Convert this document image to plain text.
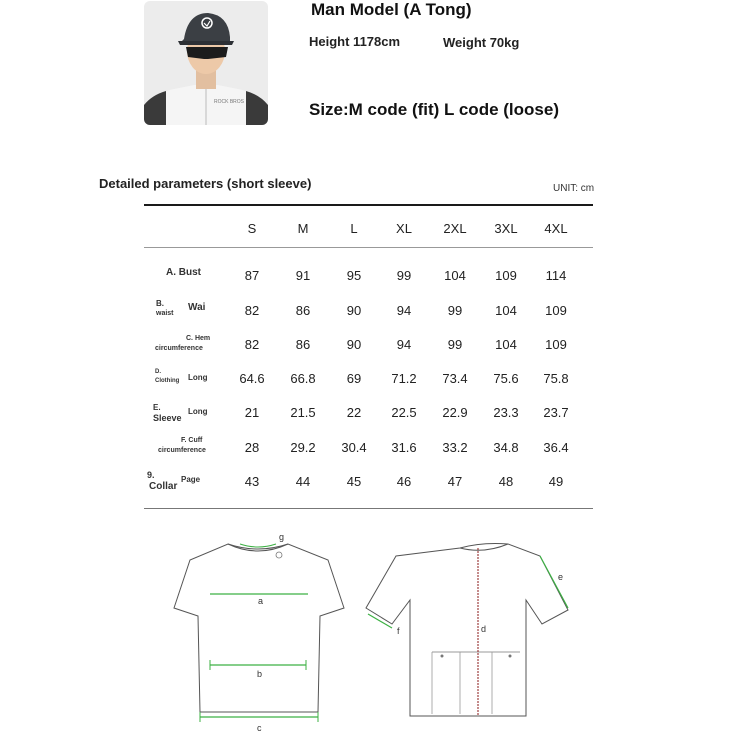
ROCK BROS
Man Model (A Tong)
Height 1178cm	Weight 70kg
Size:M code (fit) L code (loose)
Detailed parameters (short sleeve)	UNIT: cm
S	M	L	XL	2XL	3XL	4XL
A. Bust	87	91	95	99	104	109	114
B. Wai
waist	82	86	90	94	99	104	109
C. Hem
circumference	82	86	90	94	99	104	109
D.
Long
Clothing	64.6	66.8	69	71.2	73.4	75.6	75.8
E.	Long
Sleeve	21	21.5	22	22.5	22.9	23.3	23.7
F. Cuff
circumference	28	29.2	30.4	31.6	33.2	34.8	36.4
9.	Page
Collar	43	44	45	46	47	48	49
a
b
c
g
d
e
f
